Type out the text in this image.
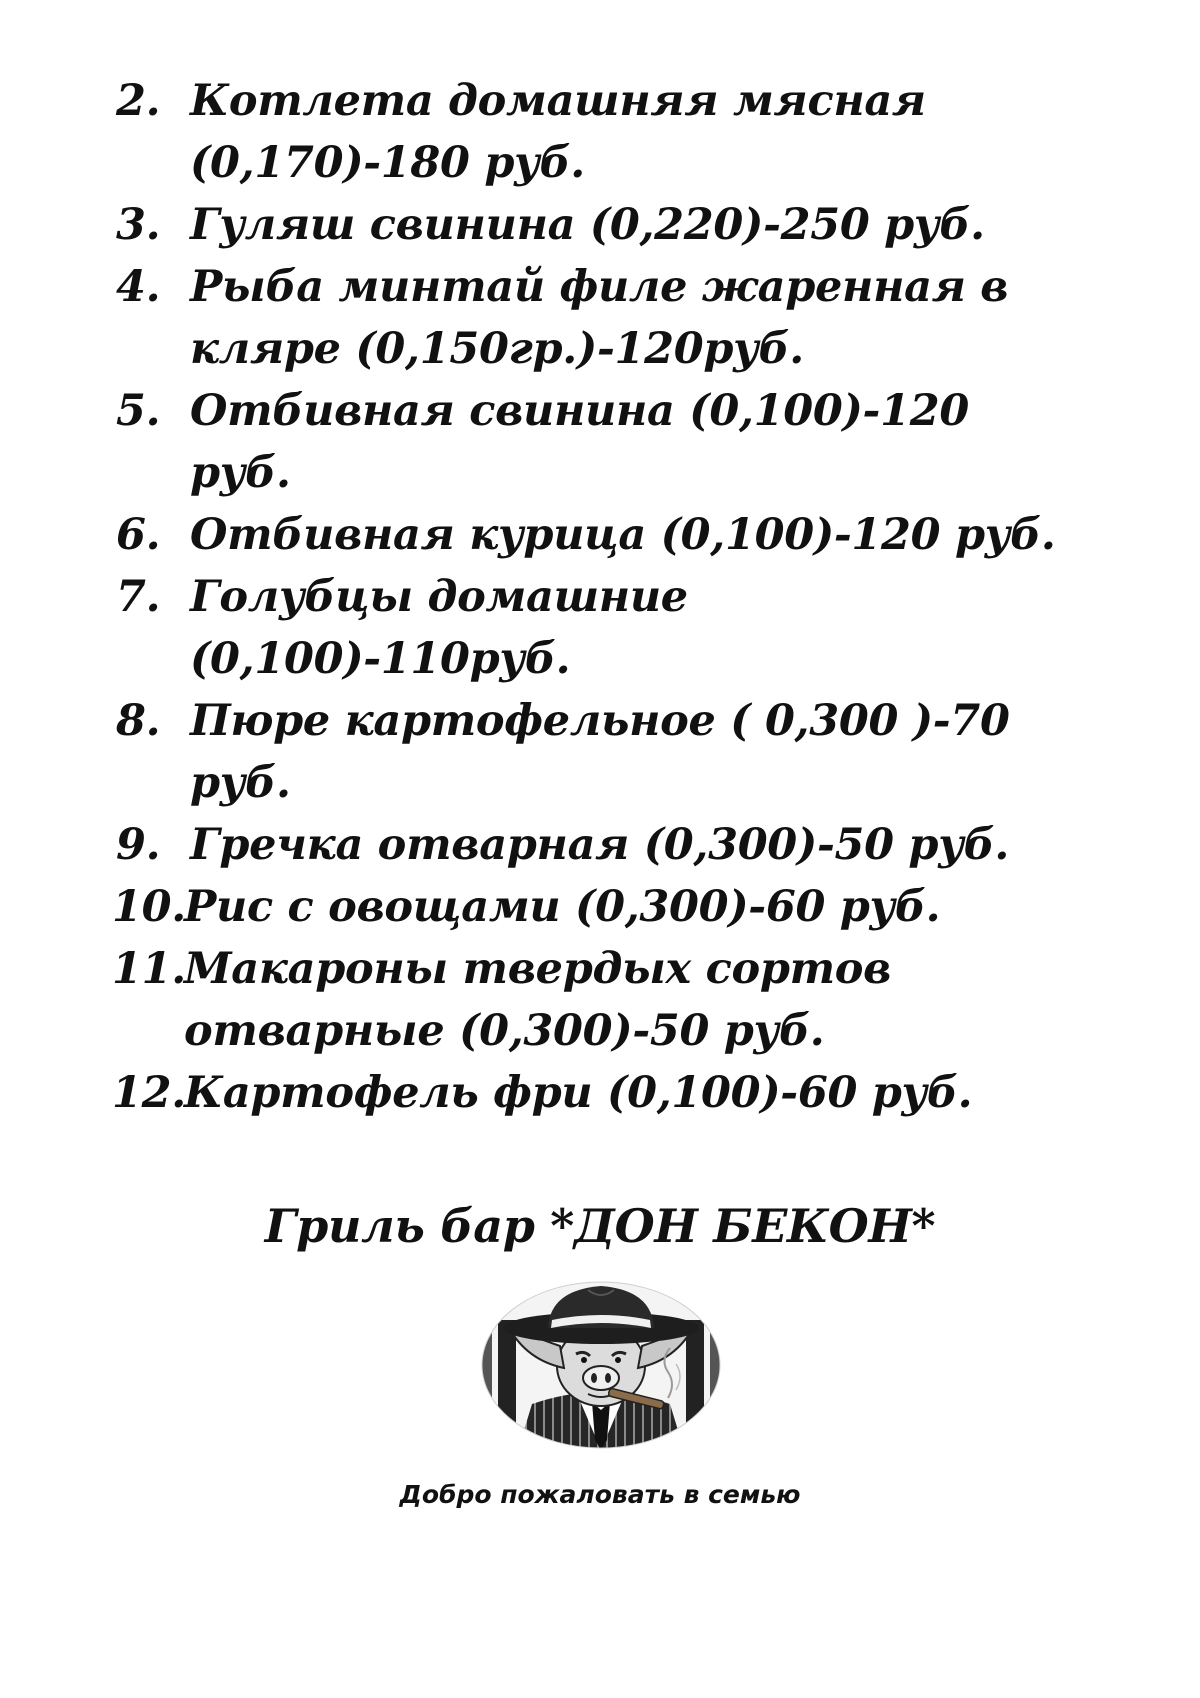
2. Котлета домашняя мясная (0,170)-180 руб.
3. Гуляш свинина (0,220)-250 руб.
4. Рыба минтай филе жаренная в кляре (0,150гр.)-120руб.
5. Отбивная свинина (0,100)-120 руб.
6. Отбивная курица (0,100)-120 руб.
7. Голубцы домашние (0,100)-110руб.
8. Пюре картофельное ( 0,300 )-70 руб.
9. Гречка отварная (0,300)-50 руб.
10.
Рис с овощами (0,300)-60 руб.
11.
Макароны твердых сортов отварные (0,300)-50 руб.
12.
Картофель фри (0,100)-60 руб.
Гриль бар *ДОН БЕКОН*

Добро пожаловать в семью
